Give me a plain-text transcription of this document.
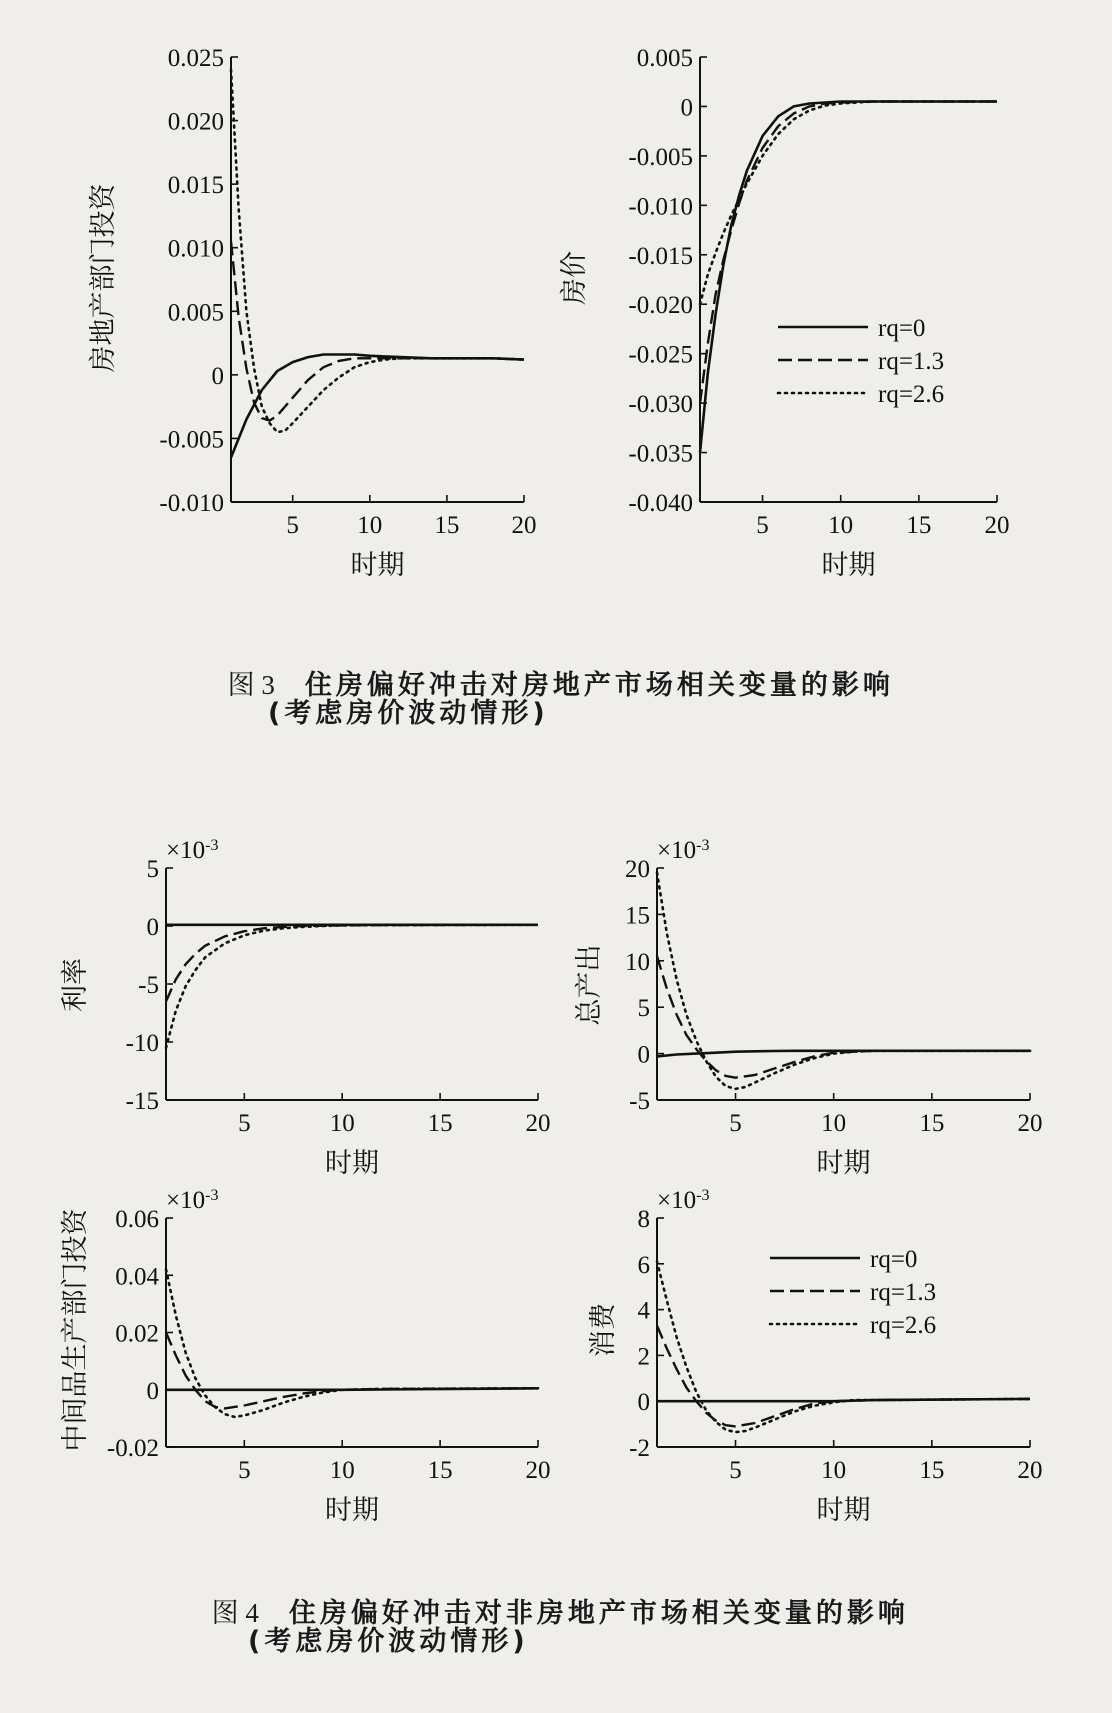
-0.010
-0.005
0
0.005
0.010
0.015
0.020
0.025
5 10 15 20
时期
房地产部门投资
-0.040
-0.035
-0.030
-0.025
-0.020
-0.015
-0.010
-0.005
0
0.005
5 10 15 20
时期
房价
rq=0
rq=1.3
rq=2.6
-15
-10
-5
0
5
5	10	15	20
时期
利率
$\times 10^{-3}$
-5
0
5
10
15
20
5	10	15	20
时期
总产出
$\times 10^{-3}$
-0.02
0
0.02
0.04
0.06
5	10	15	20
时期
中间品生产部门投资
$\times 10^{-3}$
-2
0
2
4
6
8
5	10	15	20
时期
消费
$\times 10^{-3}$
rq=0
rq=1.3
rq=2.6

图 3 住房偏好冲击对房地产市场相关变量的影响

(考虑房价波动情形)

图 4 住房偏好冲击对非房地产市场相关变量的影响

(考虑房价波动情形)
